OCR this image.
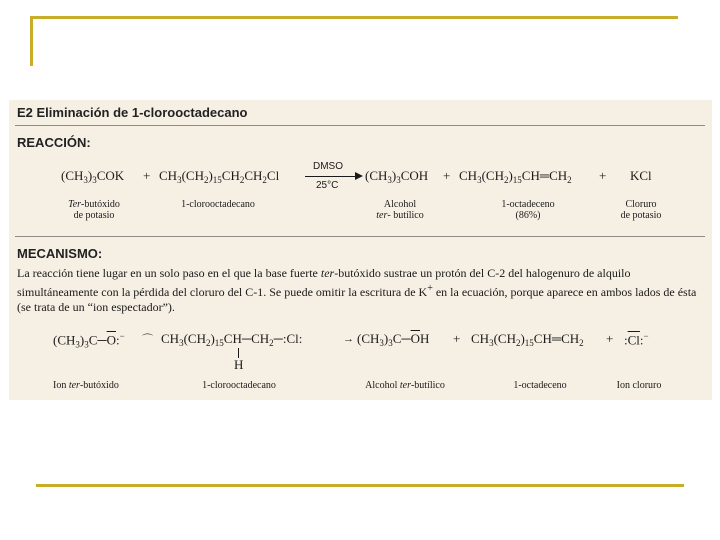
E2 Eliminación de 1-clorooctadecano
REACCIÓN:
$(CH_3)_3COK + CH_3(CH_2)_{15}CH_2CH_2Cl$
DMSO
25°C
$(CH_3)_3COH$ + $CH_3(CH_2)_{15}CH═CH_2$ + KCl
Ter-butóxido
de potasio
1-clorooctadecano	Alcohol
ter- butílico
1-octadeceno
(86%)
Cloruro
de potasio
MECANISMO:
La reacción tiene lugar en un solo paso en el que la base fuerte ter-butóxido sustrae un protón del C-2 del halogenuro de alquilo simultáneamente con la pérdida del cloruro del C-1. Se puede omitir la escritura de K+ en la ecuación, porque aparece en ambos lados de ésta (se trata de un “ion espectador”).
$(CH_3)_3C─\overline{O}:^-$ ⌒ $CH_3(CH_2)_{15}CH─CH_2─:Cl$:
H
→ $(CH_3)_3C─\overline{O}H$ + $CH_3(CH_2)_{15}CH═CH_2$ + $:\overline{Cl}:^-$
Ion ter-butóxido	1-clorooctadecano	Alcohol ter-butílico	1-octadeceno	Ion cloruro
